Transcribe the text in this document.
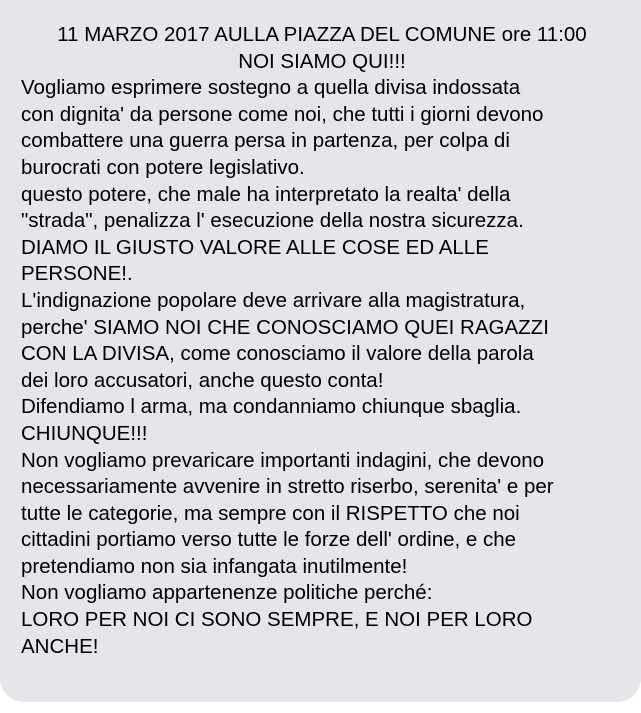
11 MARZO 2017 AULLA PIAZZA DEL COMUNE ore 11:00
NOI SIAMO QUI!!!
Vogliamo esprimere sostegno a quella divisa indossata
con dignita' da persone come noi, che tutti i giorni devono
combattere una guerra persa in partenza, per colpa di
burocrati con potere legislativo.
questo potere, che male ha interpretato la realta' della
"strada", penalizza l' esecuzione della nostra sicurezza.
DIAMO IL GIUSTO VALORE ALLE COSE ED ALLE
PERSONE!.
L'indignazione popolare deve arrivare alla magistratura,
perche' SIAMO NOI CHE CONOSCIAMO QUEI RAGAZZI
CON LA DIVISA, come conosciamo il valore della parola
dei loro accusatori, anche questo conta!
Difendiamo l arma, ma condanniamo chiunque sbaglia.
CHIUNQUE!!!
Non vogliamo prevaricare importanti indagini, che devono
necessariamente avvenire in stretto riserbo, serenita' e per
tutte le categorie, ma sempre con il RISPETTO che noi
cittadini portiamo verso tutte le forze dell' ordine, e che
pretendiamo non sia infangata inutilmente!
Non vogliamo appartenenze politiche perché:
LORO PER NOI CI SONO SEMPRE, E NOI PER LORO
ANCHE!
